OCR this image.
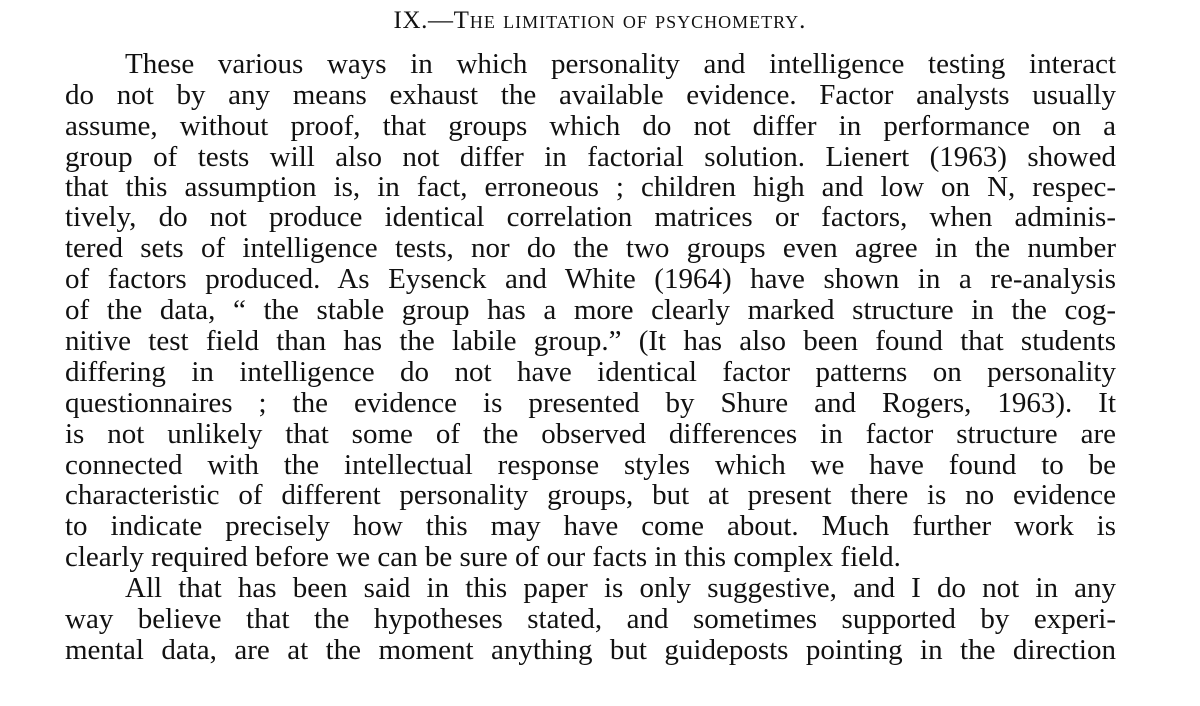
IX.—The limitation of psychometry.
These various ways in which personality and intelligence testing interact
do not by any means exhaust the available evidence. Factor analysts usually
assume, without proof, that groups which do not differ in performance on a
group of tests will also not differ in factorial solution. Lienert (1963) showed
that this assumption is, in fact, erroneous ; children high and low on N, respec-
tively, do not produce identical correlation matrices or factors, when adminis-
tered sets of intelligence tests, nor do the two groups even agree in the number
of factors produced. As Eysenck and White (1964) have shown in a re-analysis
of the data, “ the stable group has a more clearly marked structure in the cog-
nitive test field than has the labile group.” (It has also been found that students
differing in intelligence do not have identical factor patterns on personality
questionnaires ; the evidence is presented by Shure and Rogers, 1963). It
is not unlikely that some of the observed differences in factor structure are
connected with the intellectual response styles which we have found to be
characteristic of different personality groups, but at present there is no evidence
to indicate precisely how this may have come about. Much further work is
clearly required before we can be sure of our facts in this complex field.
All that has been said in this paper is only suggestive, and I do not in any
way believe that the hypotheses stated, and sometimes supported by experi-
mental data, are at the moment anything but guideposts pointing in the direction
